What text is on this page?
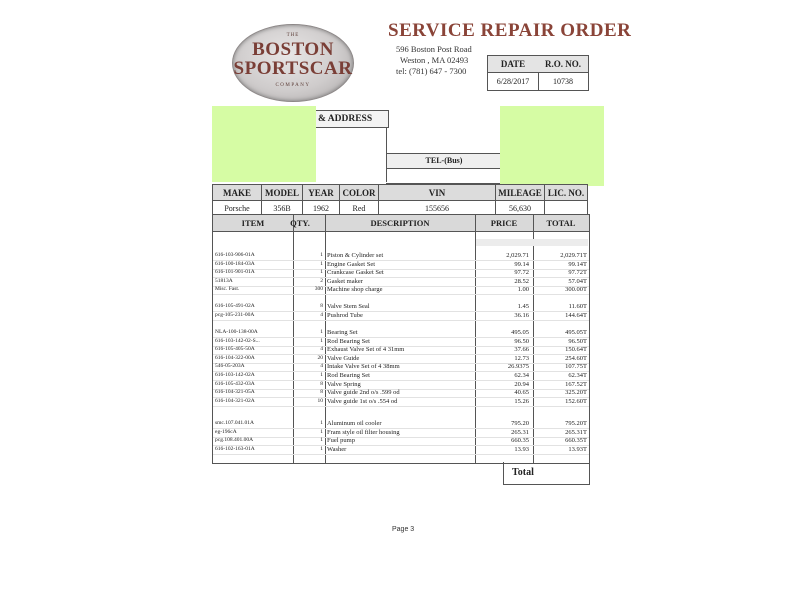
THE
BOSTON
SPORTSCAR
COMPANY
SERVICE REPAIR ORDER
596 Boston Post Road
Weston , MA 02493
tel: (781) 647 - 7300
DATE	R.O. NO.
6/28/2017	10738
& ADDRESS
TEL-(Bus)
MAKE	MODEL	YEAR	COLOR	VIN	MILEAGE	LIC. NO.
Porsche	356B	1962	Red	155656	56,630	
ITEM	QTY.	DESCRIPTION	PRICE	TOTAL
616-103-906-01A	1 Piston & Cylinder set	2,029.71	2,029.71T
616-100-184-03A	1 Engine Gasket Set	99.14	99.14T
616-101-901-01A	1 Crankcase Gasket Set	97.72	97.72T
51813A	2 Gasket maker	28.52	57.04T
Misc. Fast.	300 Machine shop charge	1.00	300.00T
616-105-491-02A	8 Valve Stem Seal	1.45	11.60T
pcg-105-231-00A	4 Pushrod Tube	36.16	144.64T
NLA-100-138-00A	1 Bearing Set	495.05	495.05T
616-103-142-02-S...	1 Rod Bearing Set	96.50	96.50T
616-105-405-50A	4 Exhaust Valve Set of 4 31mm	37.66	150.64T
616-104-322-00A	20 Valve Guide	12.73	254.60T
546-05-203A	4 Intake Valve Set of 4 38mm	26.9375	107.75T
616-103-142-02A	1 Rod Bearing Set	62.34	62.34T
616-105-432-03A	8 Valve Spring	20.94	167.52T
616-104-321-05A	8 Valve guide 2nd o/s .599 od	40.65	325.20T
616-104-321-02A	10 Valve guide 1st o/s .554 od	15.26	152.60T
smc.107.041.01A	1 Aluminum oil cooler	795.20	795.20T
eg-196cA	1 Fram style oil filter housing	265.31	265.31T
pcg.108.401.00A	1 Fuel pump	660.35	660.35T
616-102-163-01A	1 Washer	13.93	13.93T
Total
Page 3
